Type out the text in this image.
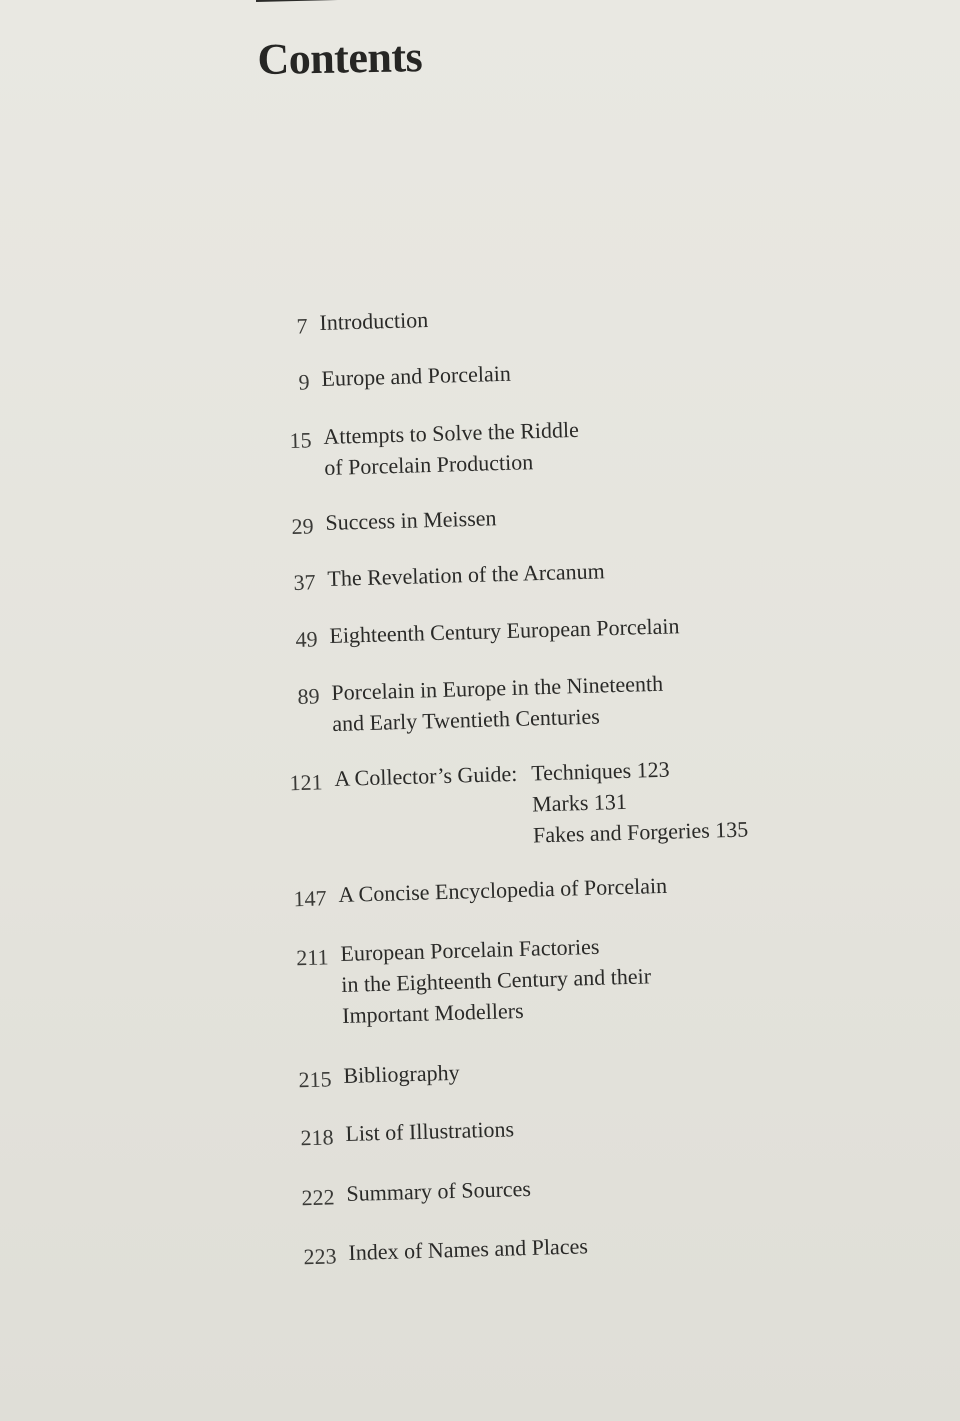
Contents
7 Introduction
9 Europe and Porcelain
15 Attempts to Solve the Riddle
of Porcelain Production
29 Success in Meissen
37 The Revelation of the Arcanum
49 Eighteenth Century European Porcelain
89 Porcelain in Europe in the Nineteenth
and Early Twentieth Centuries
121 A Collector’s Guide: Techniques 123
Marks 131
Fakes and Forgeries 135
147 A Concise Encyclopedia of Porcelain
211 European Porcelain Factories
in the Eighteenth Century and their
Important Modellers
215 Bibliography
218 List of Illustrations
222 Summary of Sources
223 Index of Names and Places
